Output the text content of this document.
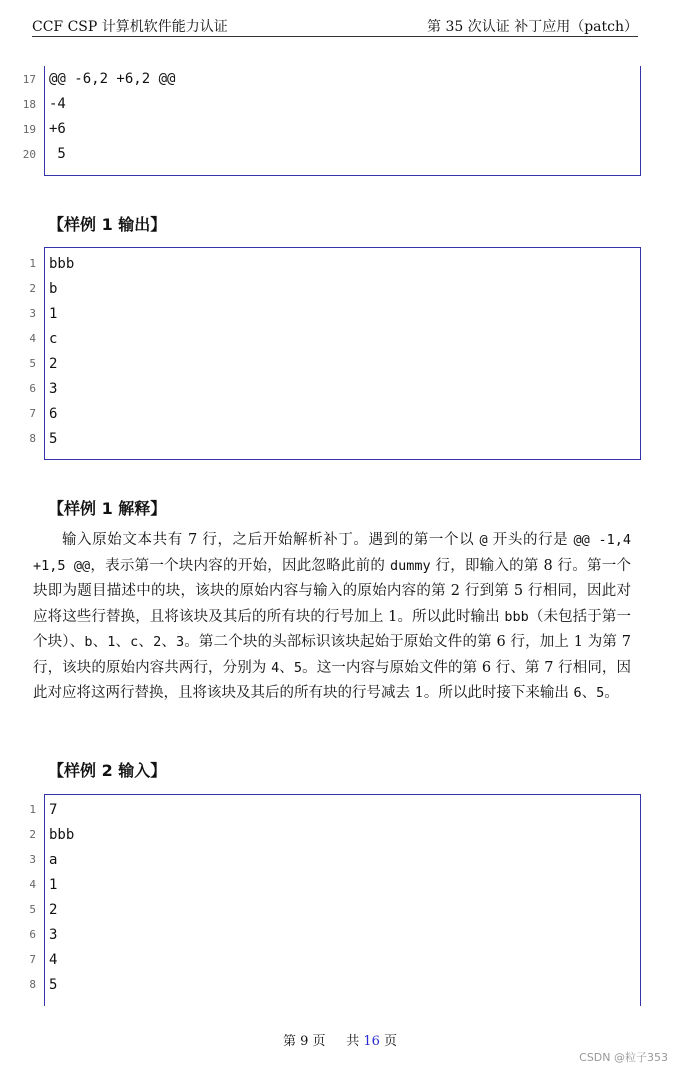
CCF CSP 计算机软件能力认证	第 35 次认证 补丁应用（patch）
17
18
19
20
@@ -6,2 +6,2 @@
-4
+6
5
【样例 1 输出】
1
2
3
4
5
6
7
8
bbb
b
1
c
2
3
6
5
【样例 1 解释】
输入原始文本共有 7 行，之后开始解析补丁。遇到的第一个以 @ 开头的行是 @@ -1,4 +1,5 @@，表示第一个块内容的开始，因此忽略此前的 dummy 行，即输入的第 8 行。第一个块即为题目描述中的块，该块的原始内容与输入的原始内容的第 2 行到第 5 行相同，因此对应将这些行替换，且将该块及其后的所有块的行号加上 1。所以此时输出 bbb（未包括于第一个块）、b、1、c、2、3。第二个块的头部标识该块起始于原始文件的第 6 行，加上 1 为第 7 行，该块的原始内容共两行，分别为 4、5。这一内容与原始文件的第 6 行、第 7 行相同，因此对应将这两行替换，且将该块及其后的所有块的行号减去 1。所以此时接下来输出 6、5。
【样例 2 输入】
1
2
3
4
5
6
7
8
7
bbb
a
1
2
3
4
5
第 9 页 共 16 页
CSDN @粒子353
